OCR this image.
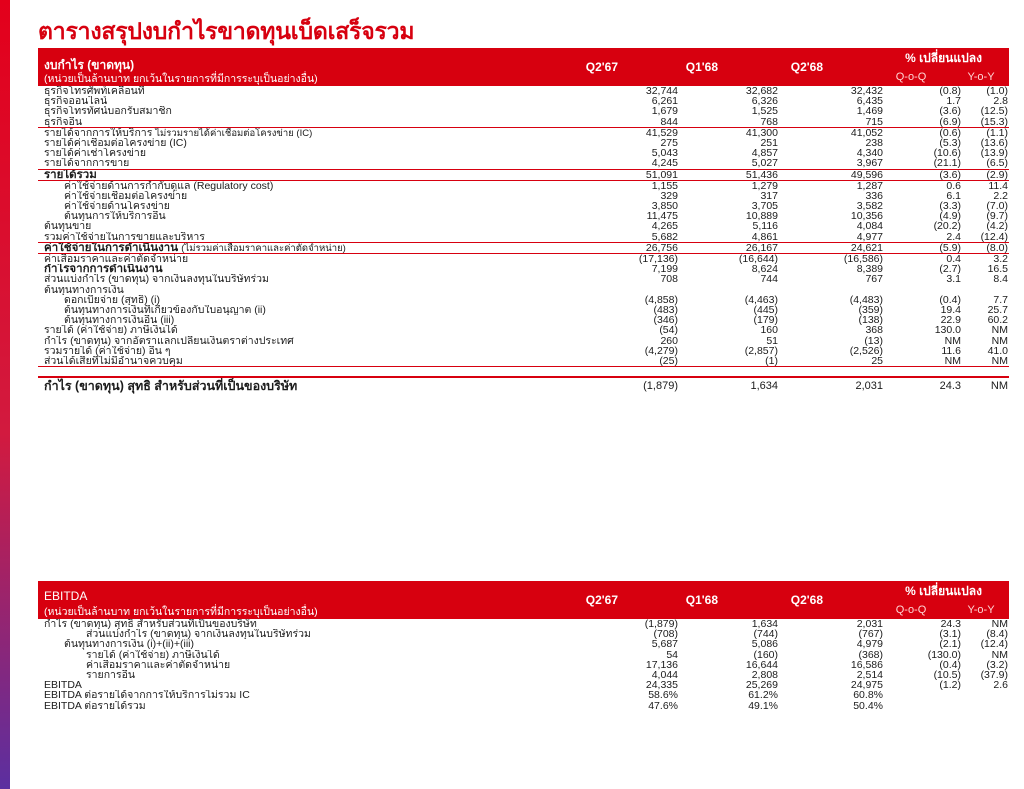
ตารางสรุปงบกำไรขาดทุนเบ็ดเสร็จรวม
งบกำไร (ขาดทุน)
(หน่วยเป็นล้านบาท ยกเว้นในรายการที่มีการระบุเป็นอย่างอื่น)
Q2'67	Q1'68	Q2'68
% เปลี่ยนแปลง
Q-o-Q	Y-o-Y
ธุรกิจโทรศัพท์เคลื่อนที่	32,744	32,682	32,432	(0.8)	(1.0)
ธุรกิจออนไลน์	6,261	6,326	6,435	1.7	2.8
ธุรกิจโทรทัศน์บอกรับสมาชิก	1,679	1,525	1,469	(3.6)	(12.5)
ธุรกิจอื่น	844	768	715	(6.9)	(15.3)
รายได้จากการให้บริการ ไม่รวมรายได้ค่าเชื่อมต่อโครงข่าย (IC)	41,529	41,300	41,052	(0.6)	(1.1)
รายได้ค่าเชื่อมต่อโครงข่าย (IC)	275	251	238	(5.3)	(13.6)
รายได้ค่าเช่าโครงข่าย	5,043	4,857	4,340	(10.6)	(13.9)
รายได้จากการขาย	4,245	5,027	3,967	(21.1)	(6.5)
รายได้รวม	51,091	51,436	49,596	(3.6)	(2.9)
ค่าใช้จ่ายด้านการกำกับดูแล (Regulatory cost)	1,155	1,279	1,287	0.6	11.4
ค่าใช้จ่ายเชื่อมต่อโครงข่าย	329	317	336	6.1	2.2
ค่าใช้จ่ายด้านโครงข่าย	3,850	3,705	3,582	(3.3)	(7.0)
ต้นทุนการให้บริการอื่น	11,475	10,889	10,356	(4.9)	(9.7)
ต้นทุนขาย	4,265	5,116	4,084	(20.2)	(4.2)
รวมค่าใช้จ่ายในการขายและบริหาร	5,682	4,861	4,977	2.4	(12.4)
ค่าใช้จ่ายในการดำเนินงาน (ไม่รวมค่าเสื่อมราคาและค่าตัดจำหน่าย)	26,756	26,167	24,621	(5.9)	(8.0)
ค่าเสื่อมราคาและค่าตัดจำหน่าย	(17,136)	(16,644)	(16,586)	0.4	3.2
กำไรจากการดำเนินงาน	7,199	8,624	8,389	(2.7)	16.5
ส่วนแบ่งกำไร (ขาดทุน) จากเงินลงทุนในบริษัทร่วม	708	744	767	3.1	8.4
ต้นทุนทางการเงิน
ดอกเบี้ยจ่าย (สุทธิ) (i)	(4,858)	(4,463)	(4,483)	(0.4)	7.7
ต้นทุนทางการเงินที่เกี่ยวข้องกับใบอนุญาต (ii)	(483)	(445)	(359)	19.4	25.7
ต้นทุนทางการเงินอื่น (iii)	(346)	(179)	(138)	22.9	60.2
รายได้ (ค่าใช้จ่าย) ภาษีเงินได้	(54)	160	368	130.0	NM
กำไร (ขาดทุน) จากอัตราแลกเปลี่ยนเงินตราต่างประเทศ	260	51	(13)	NM	NM
รวมรายได้ (ค่าใช้จ่าย) อื่น ๆ	(4,279)	(2,857)	(2,526)	11.6	41.0
ส่วนได้เสียที่ไม่มีอำนาจควบคุม	(25)	(1)	25	NM	NM
กำไร (ขาดทุน) สุทธิ สำหรับส่วนที่เป็นของบริษัท	(1,879)	1,634	2,031	24.3	NM
EBITDA
(หน่วยเป็นล้านบาท ยกเว้นในรายการที่มีการระบุเป็นอย่างอื่น)
Q2'67	Q1'68	Q2'68
% เปลี่ยนแปลง
Q-o-Q	Y-o-Y
กำไร (ขาดทุน) สุทธิ สำหรับส่วนที่เป็นของบริษัท	(1,879)	1,634	2,031	24.3	NM
ส่วนแบ่งกำไร (ขาดทุน) จากเงินลงทุนในบริษัทร่วม	(708)	(744)	(767)	(3.1)	(8.4)
ต้นทุนทางการเงิน (i)+(ii)+(iii)	5,687	5,086	4,979	(2.1)	(12.4)
รายได้ (ค่าใช้จ่าย) ภาษีเงินได้	54	(160)	(368)	(130.0)	NM
ค่าเสื่อมราคาและค่าตัดจำหน่าย	17,136	16,644	16,586	(0.4)	(3.2)
รายการอื่น	4,044	2,808	2,514	(10.5)	(37.9)
EBITDA	24,335	25,269	24,975	(1.2)	2.6
EBITDA ต่อรายได้จากการให้บริการไม่รวม IC	58.6%	61.2%	60.8%
EBITDA ต่อรายได้รวม	47.6%	49.1%	50.4%
